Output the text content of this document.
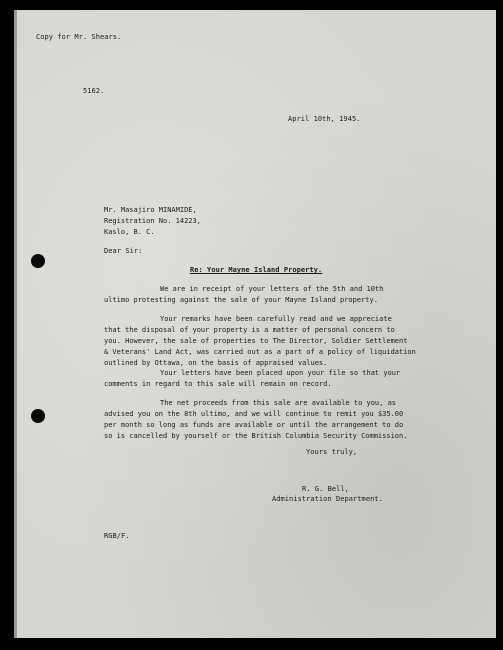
Copy for Mr. Shears.
5162.
April 10th, 1945.
Mr. Masajiro MINAMIDE,
Registration No. 14223,
Kaslo, B. C.
Dear Sir:
Re: Your Mayne Island Property.
We are in receipt of your letters of the 5th and 10th
ultimo protesting against the sale of your Mayne Island property.
Your remarks have been carefully read and we appreciate
that the disposal of your property is a matter of personal concern to
you. However, the sale of properties to The Director, Soldier Settlement
& Veterans' Land Act, was carried out as a part of a policy of liquidation
outlined by Ottawa, on the basis of appraised values.
Your letters have been placed upon your file so that your
comments in regard to this sale will remain on record.
The net proceeds from this sale are available to you, as
advised you on the 8th ultimo, and we will continue to remit you $35.00
per month so long as funds are available or until the arrangement to do
so is cancelled by yourself or the British Columbia Security Commission.
Yours truly,
R. G. Bell,
Administration Department.
RGB/F.
